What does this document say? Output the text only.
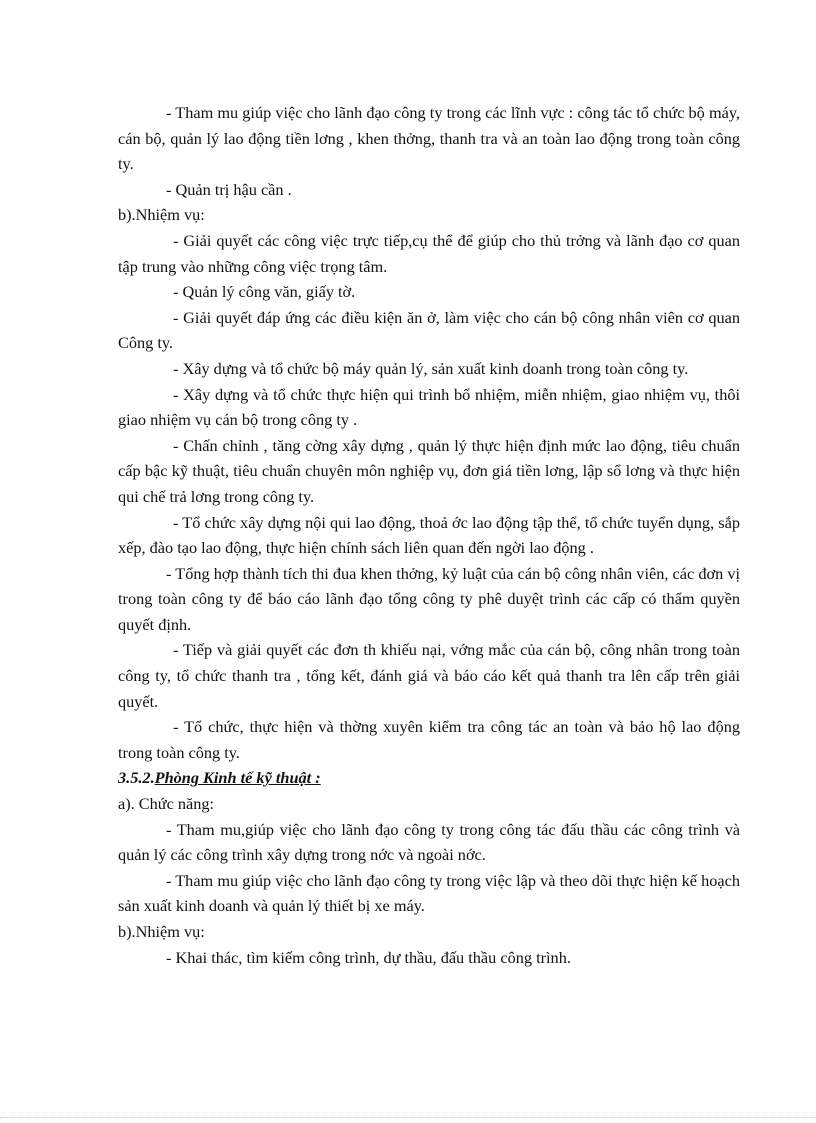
- Tham mu giúp việc cho lãnh đạo công ty trong các lĩnh vực : công tác tổ chức bộ máy, cán bộ, quản lý lao động tiền lơng , khen thởng, thanh tra và an toàn lao động trong toàn công ty.

- Quản trị hậu cần .

b).Nhiệm vụ:

- Giải quyết các công việc trực tiếp,cụ thể để giúp cho thủ trởng và lãnh đạo cơ quan tập trung vào những công việc trọng tâm.

- Quản lý công văn, giấy tờ.

- Giải quyết đáp ứng các điều kiện ăn ở, làm việc cho cán bộ công nhân viên cơ quan Công ty.

- Xây dựng và tổ chức bộ máy quản lý, sản xuất kinh doanh trong toàn công ty.

- Xây dựng và tổ chức thực hiện qui trình bổ nhiệm, miễn nhiệm, giao nhiệm vụ, thôi giao nhiệm vụ cán bộ trong công ty .

- Chấn chỉnh , tăng cờng xây dựng , quản lý thực hiện định mức lao động, tiêu chuẩn cấp bậc kỹ thuật, tiêu chuẩn chuyên môn nghiệp vụ, đơn giá tiền lơng, lập sổ lơng và thực hiện qui chế trả lơng trong công ty.

- Tổ chức xây dựng nội qui lao động, thoả ớc lao động tập thể, tổ chức tuyển dụng, sắp xếp, đào tạo lao động, thực hiện chính sách liên quan đến ngời lao động .

- Tổng hợp thành tích thi đua khen thởng, kỷ luật của cán bộ công nhân viên, các đơn vị trong toàn công ty để báo cáo lãnh đạo tổng công ty phê duyệt trình các cấp có thẩm quyền quyết định.

- Tiếp và giải quyết các đơn th khiếu nại, vớng mắc của cán bộ, công nhân trong toàn công ty, tổ chức thanh tra , tổng kết, đánh giá và báo cáo kết quả thanh tra lên cấp trên giải quyết.

- Tổ chức, thực hiện và thờng xuyên kiểm tra công tác an toàn và bảo hộ lao động trong toàn công ty.

3.5.2.Phòng Kinh tế kỹ thuật :

a). Chức năng:

- Tham mu,giúp việc cho lãnh đạo công ty trong công tác đấu thầu các công trình và quản lý các công trình xây dựng trong nớc và ngoài nớc.

- Tham mu giúp việc cho lãnh đạo công ty trong việc lập và theo dõi thực hiện kế hoạch sản xuất kinh doanh và quản lý thiết bị xe máy.

b).Nhiệm vụ:

- Khai thác, tìm kiếm công trình, dự thầu, đấu thầu công trình.
